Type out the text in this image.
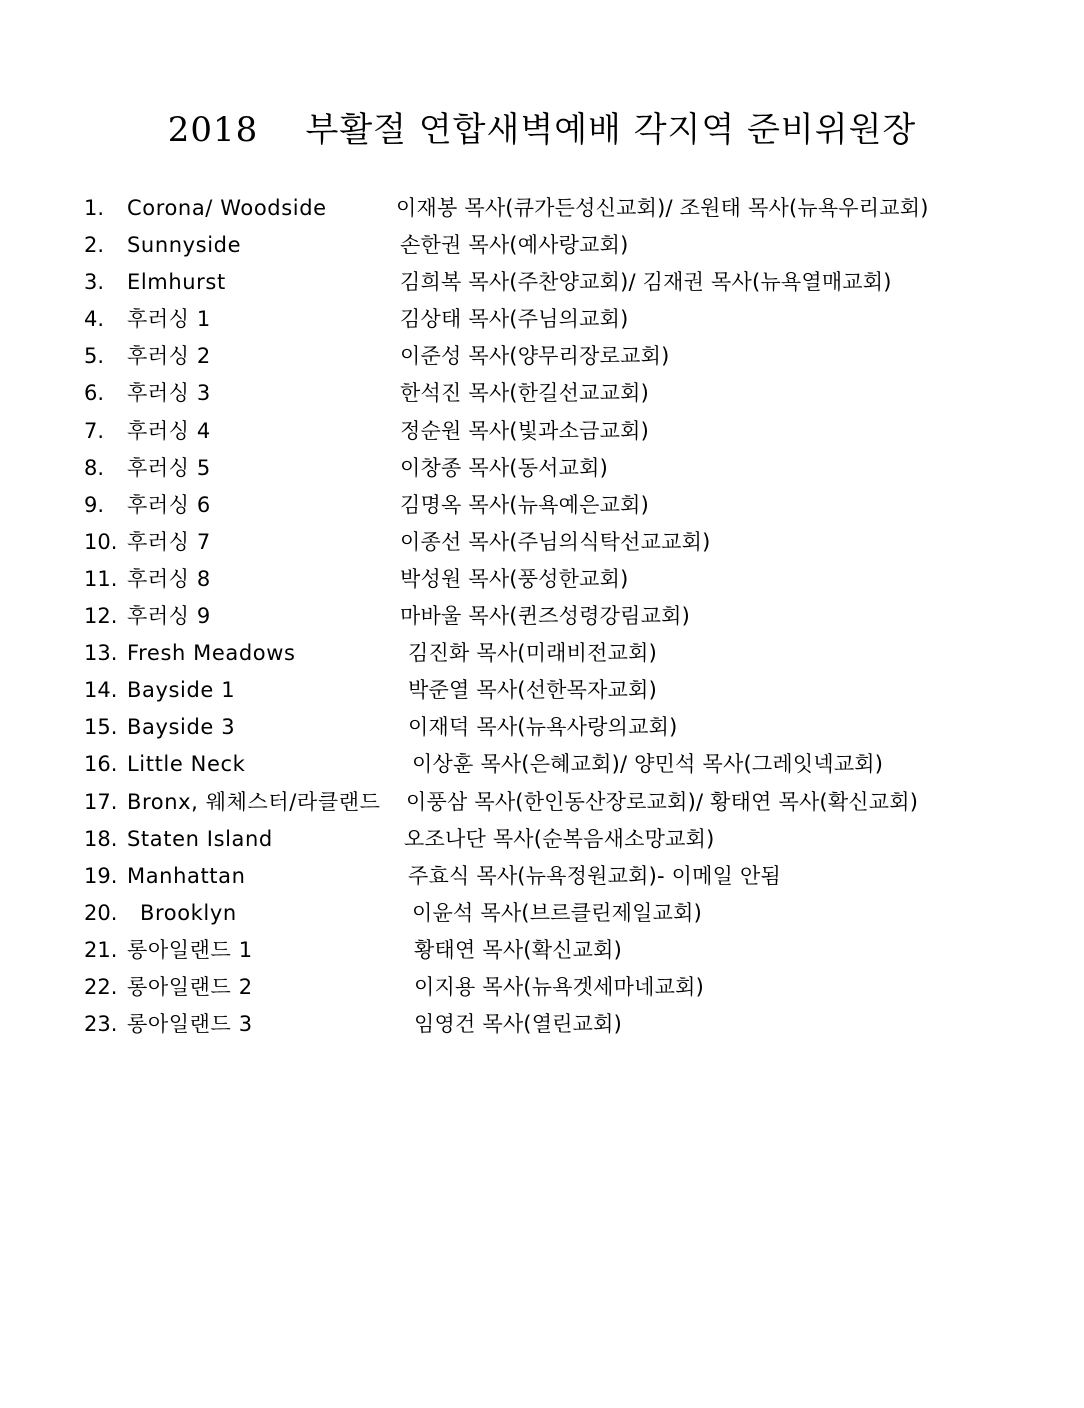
2018    부활절 연합새벽예배 각지역 준비위원장
1. Corona/ Woodside	이재봉 목사(큐가든성신교회)/ 조원태 목사(뉴욕우리교회)
2. Sunnyside	손한권 목사(예사랑교회)
3. Elmhurst	김희복 목사(주찬양교회)/ 김재권 목사(뉴욕열매교회)
4. 후러싱 1	김상태 목사(주님의교회)
5. 후러싱 2	이준성 목사(양무리장로교회)
6. 후러싱 3	한석진 목사(한길선교교회)
7. 후러싱 4	정순원 목사(빛과소금교회)
8. 후러싱 5	이창종 목사(동서교회)
9. 후러싱 6	김명옥 목사(뉴욕예은교회)
10. 후러싱 7	이종선 목사(주님의식탁선교교회)
11. 후러싱 8	박성원 목사(풍성한교회)
12. 후러싱 9	마바울 목사(퀸즈성령강림교회)
13. Fresh Meadows	김진화 목사(미래비전교회)
14. Bayside 1	박준열 목사(선한목자교회)
15. Bayside 3	이재덕 목사(뉴욕사랑의교회)
16. Little Neck	이상훈 목사(은혜교회)/ 양민석 목사(그레잇넥교회)
17. Bronx, 웨체스터/라클랜드 이풍삼 목사(한인동산장로교회)/ 황태연 목사(확신교회)
18. Staten Island	오조나단 목사(순복음새소망교회)
19. Manhattan	주효식 목사(뉴욕정원교회)- 이메일 안됨
20. Brooklyn	이윤석 목사(브르클린제일교회)
21. 롱아일랜드 1	황태연 목사(확신교회)
22. 롱아일랜드 2	이지용 목사(뉴욕겟세마네교회)
23. 롱아일랜드 3	임영건 목사(열린교회)
